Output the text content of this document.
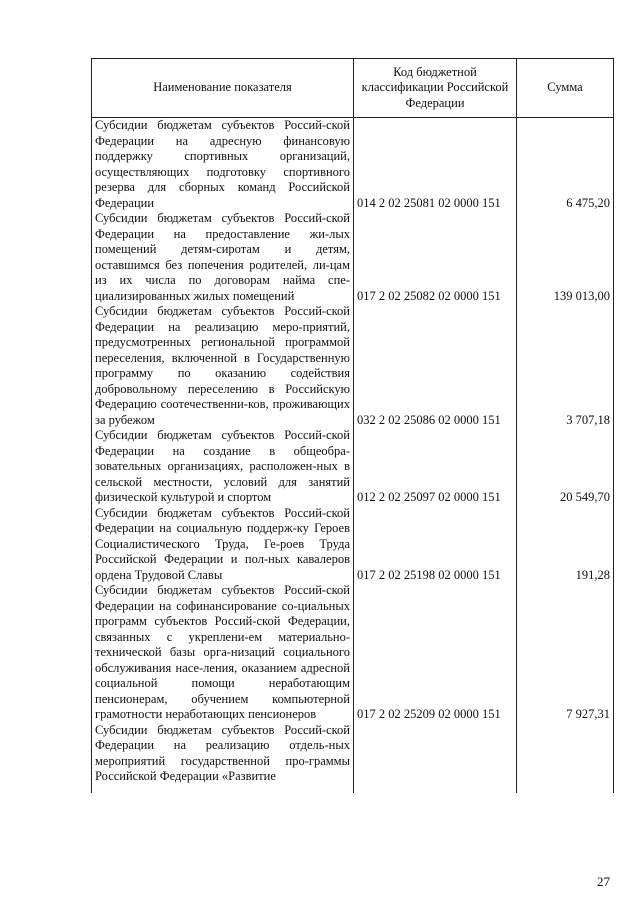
Наименование показателя	Код бюджетной классификации Российской Федерации	Сумма
Субсидии бюджетам субъектов Россий-ской Федерации на адресную финансовую поддержку спортивных организаций, осуществляющих подготовку спортивного резерва для сборных команд Российской Федерации	014 2 02 25081 02 0000 151	6 475,20
Субсидии бюджетам субъектов Россий-ской Федерации на предоставление жи-лых помещений детям-сиротам и детям, оставшимся без попечения родителей, ли-цам из их числа по договорам найма спе-циализированных жилых помещений	017 2 02 25082 02 0000 151	139 013,00
Субсидии бюджетам субъектов Россий-ской Федерации на реализацию меро-приятий, предусмотренных региональной программой переселения, включенной в Государственную программу по оказанию содействия добровольному переселению в Российскую Федерацию соотечественни-ков, проживающих за рубежом	032 2 02 25086 02 0000 151	3 707,18
Субсидии бюджетам субъектов Россий-ской Федерации на создание в общеобра-зовательных организациях, расположен-ных в сельской местности, условий для занятий физической культурой и спортом	012 2 02 25097 02 0000 151	20 549,70
Субсидии бюджетам субъектов Россий-ской Федерации на социальную поддерж-ку Героев Социалистического Труда, Ге-роев Труда Российской Федерации и пол-ных кавалеров ордена Трудовой Славы	017 2 02 25198 02 0000 151	191,28
Субсидии бюджетам субъектов Россий-ской Федерации на софинансирование со-циальных программ субъектов Россий-ской Федерации, связанных с укреплени-ем материально-технической базы орга-низаций социального обслуживания насе-ления, оказанием адресной социальной помощи неработающим пенсионерам, обучением компьютерной грамотности неработающих пенсионеров	017 2 02 25209 02 0000 151	7 927,31
Субсидии бюджетам субъектов Россий-ской Федерации на реализацию отдель-ных мероприятий государственной про-граммы Российской Федерации «Развитие		
27
